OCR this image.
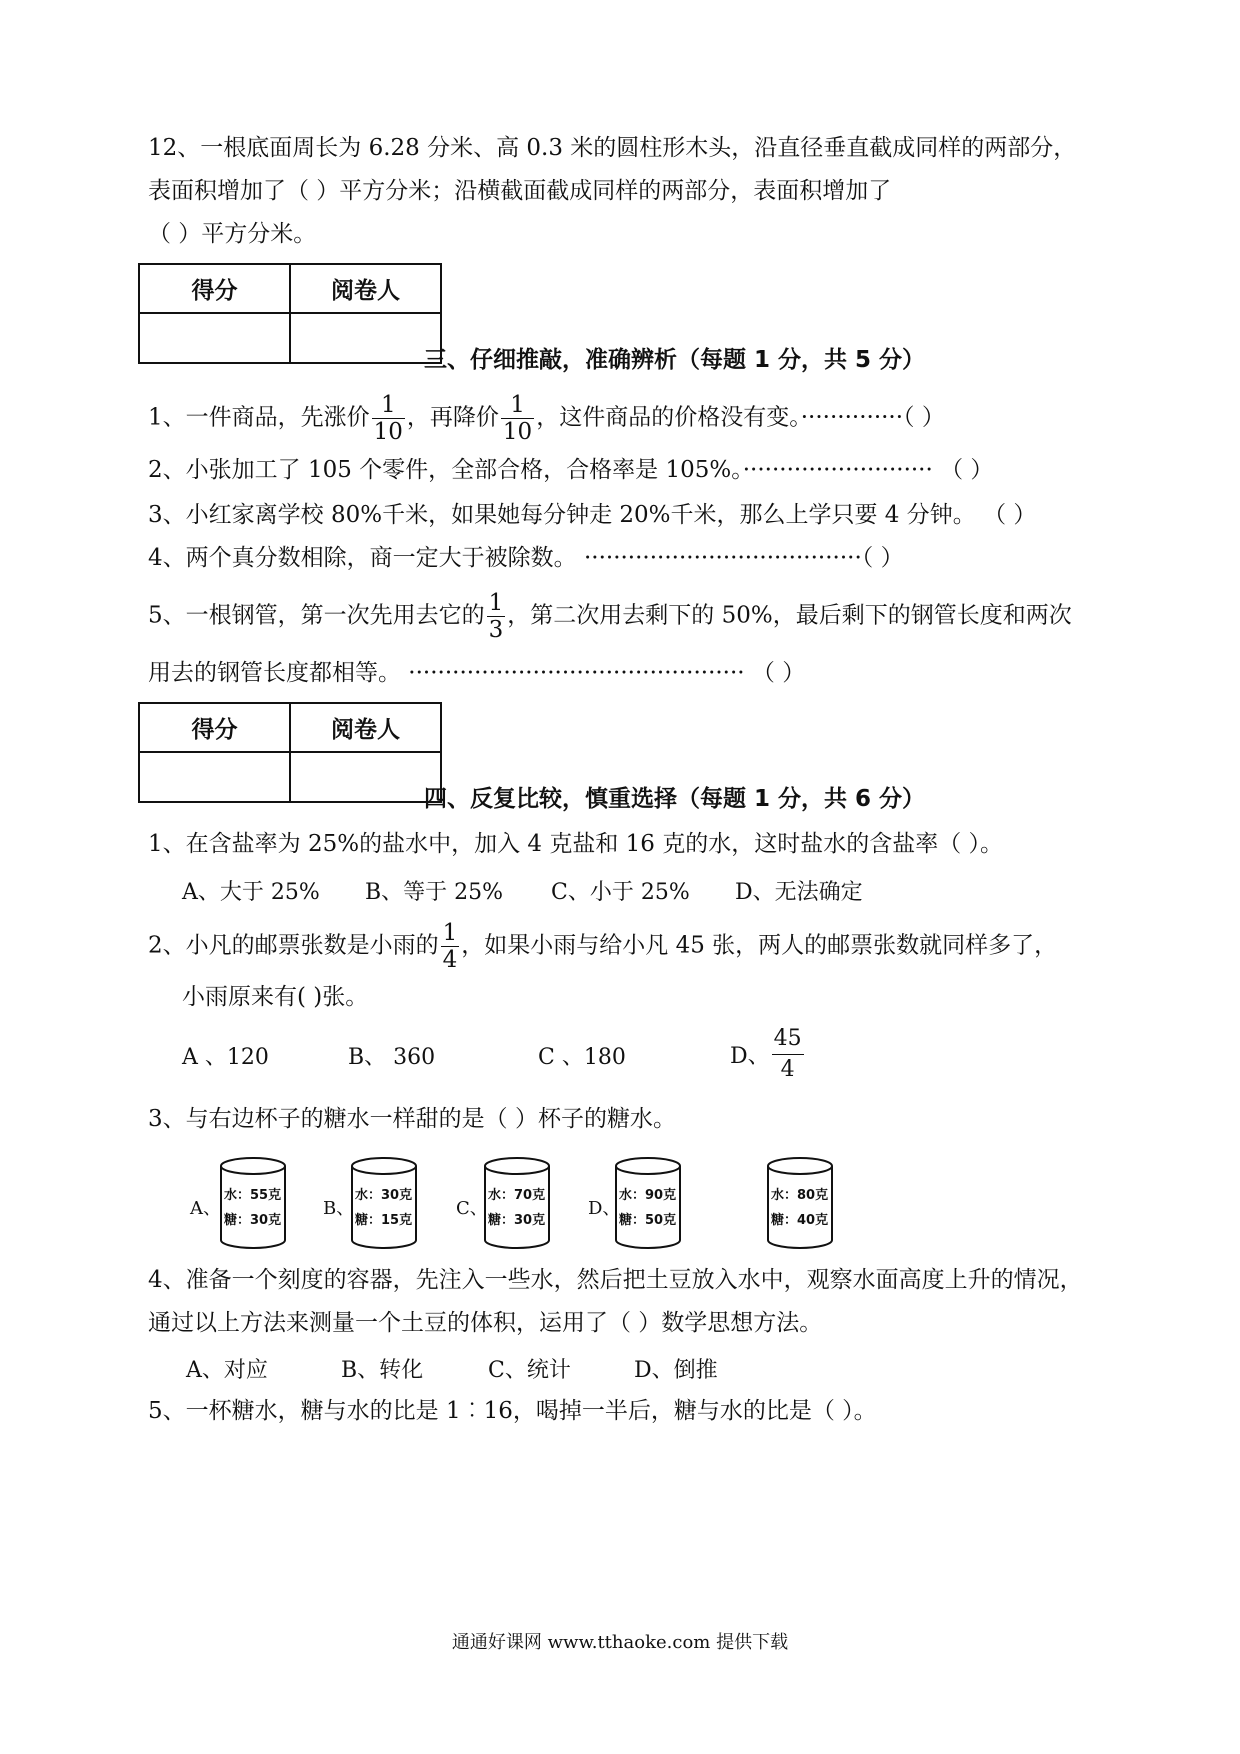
12、一根底面周长为 6.28 分米、高 0.3 米的圆柱形木头，沿直径垂直截成同样的两部分，
表面积增加了（ ）平方分米；沿横截面截成同样的两部分，表面积增加了
（ ）平方分米。
得分	阅卷人

三、仔细推敲，准确辨析（每题 1 分，共 5 分）
1、一件商品，先涨价 $\frac{1}{10}$ ，再降价 $\frac{1}{10}$ ，这件商品的价格没有变。··············（ ）
2、小张加工了 105 个零件，全部合格，合格率是 105%。·························· （ ）
3、小红家离学校 80%千米，如果她每分钟走 20%千米，那么上学只要 4 分钟。 （ ）
4、两个真分数相除，商一定大于被除数。 ······································（ ）
5、一根钢管，第一次先用去它的 $\frac{1}{3}$ ，第二次用去剩下的 50%，最后剩下的钢管长度和两次
用去的钢管长度都相等。 ·············································· （ ）
得分	阅卷人

四、反复比较，慎重选择（每题 1 分，共 6 分）
1、在含盐率为 25%的盐水中，加入 4 克盐和 16 克的水，这时盐水的含盐率（ ）。
A、大于 25% B、等于 25% C、小于 25% D、无法确定
2、小凡的邮票张数是小雨的 $\frac{1}{4}$ ，如果小雨与给小凡 45 张，两人的邮票张数就同样多了，
小雨原来有( )张。
A 、120	B、 360	C 、180	D、 $\frac{45}{4}$
3、与右边杯子的糖水一样甜的是（ ）杯子的糖水。
A、
水：55克
糖：30克
B、
水：30克
糖：15克
C、
水：70克
糖：30克
D、
水：90克
糖：50克
水：80克
糖：40克
4、准备一个刻度的容器，先注入一些水，然后把土豆放入水中，观察水面高度上升的情况，
通过以上方法来测量一个土豆的体积，运用了（ ）数学思想方法。
A、对应	B、转化	C、统计	D、倒推
5、一杯糖水，糖与水的比是 1︰16，喝掉一半后，糖与水的比是（ ）。
通通好课网 www.tthaoke.com 提供下载
